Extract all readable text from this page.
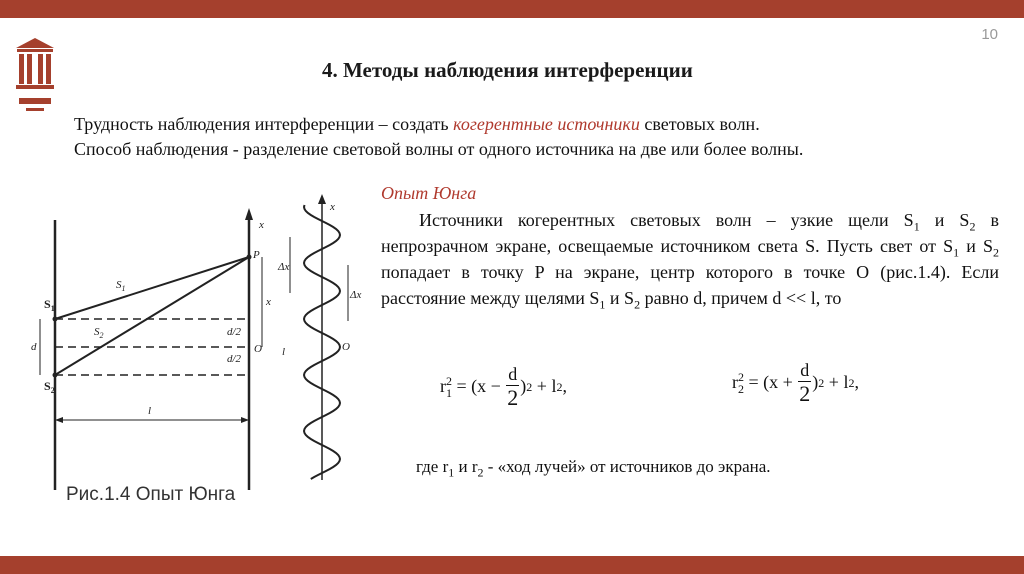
10
4. Методы наблюдения интерференции

Трудность наблюдения интерференции – создать когерентные источники световых волн.

Способ наблюдения - разделение световой волны от одного источника на две или более волны.

x
$S_1$
$S_2$
$S_1$
$S_2$
d
l
P
x
d/2
d/2
O
x
Δx
Δx
O
l
Рис.1.4 Опыт Юнга
Опыт Юнга

Источники когерентных световых волн – узкие щели $S_1$ и $S_2$ в непрозрачном экране, освещаемые источником света S. Пусть свет от $S_1$ и $S_2$ попадает в точку P на экране, центр которого в точке O (рис.1.4). Если расстояние между щелями $S_1$ и $S_2$ равно d, причем d << l, то

r 2
$1 = (x - \frac{d}{2}$ ) 2 + l 2 ,	r 2
$2 = (x + \frac{d}{2}$ ) 2 + l 2 ,
где $r_1$ и $r_2$ - «ход лучей» от источников до экрана.
